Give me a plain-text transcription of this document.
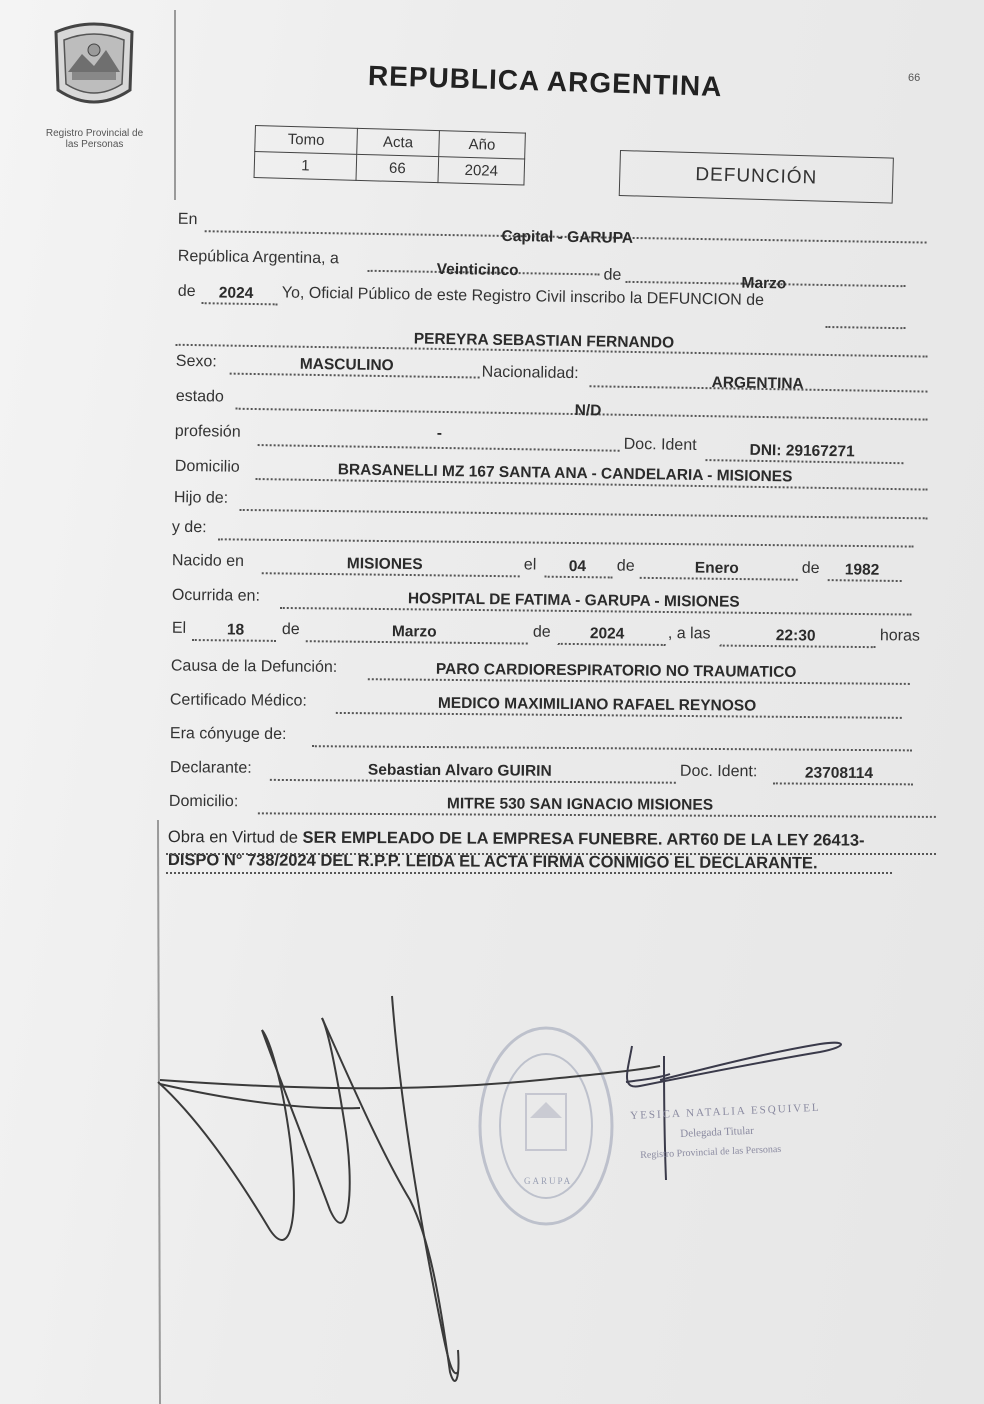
Registro Provincial de
las Personas
REPUBLICA ARGENTINA	66
Tomo	Acta	Año
1	66	2024	DEFUNCIÓN
En
Capital - GARUPA
República Argentina, a
Veinticinco	de	Marzo
de 2024 Yo, Oficial Público de este Registro Civil inscribo la DEFUNCION de
PEREYRA SEBASTIAN FERNANDO
Sexo:	MASCULINO	Nacionalidad:
ARGENTINA
estado
N/D
profesión	-
Doc. Ident	DNI: 29167271
Domicilio	BRASANELLI MZ 167 SANTA ANA - CANDELARIA - MISIONES
Hijo de:
y de:
Nacido en	MISIONES	el 04 de	Enero	de 1982
Ocurrida en:	HOSPITAL DE FATIMA - GARUPA - MISIONES
El	18 de	Marzo	de	2024	, a las	22:30	horas
Causa de la Defunción:	PARO CARDIORESPIRATORIO NO TRAUMATICO
Certificado Médico:	MEDICO MAXIMILIANO RAFAEL REYNOSO
Era cónyuge de:
Declarante:	Sebastian Alvaro GUIRIN	Doc. Ident:	23708114
Domicilio:	MITRE 530 SAN IGNACIO MISIONES
Obra en Virtud de SER EMPLEADO DE LA EMPRESA FUNEBRE. ART60 DE LA LEY 26413-
DISPO N° 738/2024 DEL R.P.P. LEIDA EL ACTA FIRMA CONMIGO EL DECLARANTE.
YESICA NATALIA ESQUIVEL
Delegada Titular
Registro Provincial de las Personas
GARUPA
